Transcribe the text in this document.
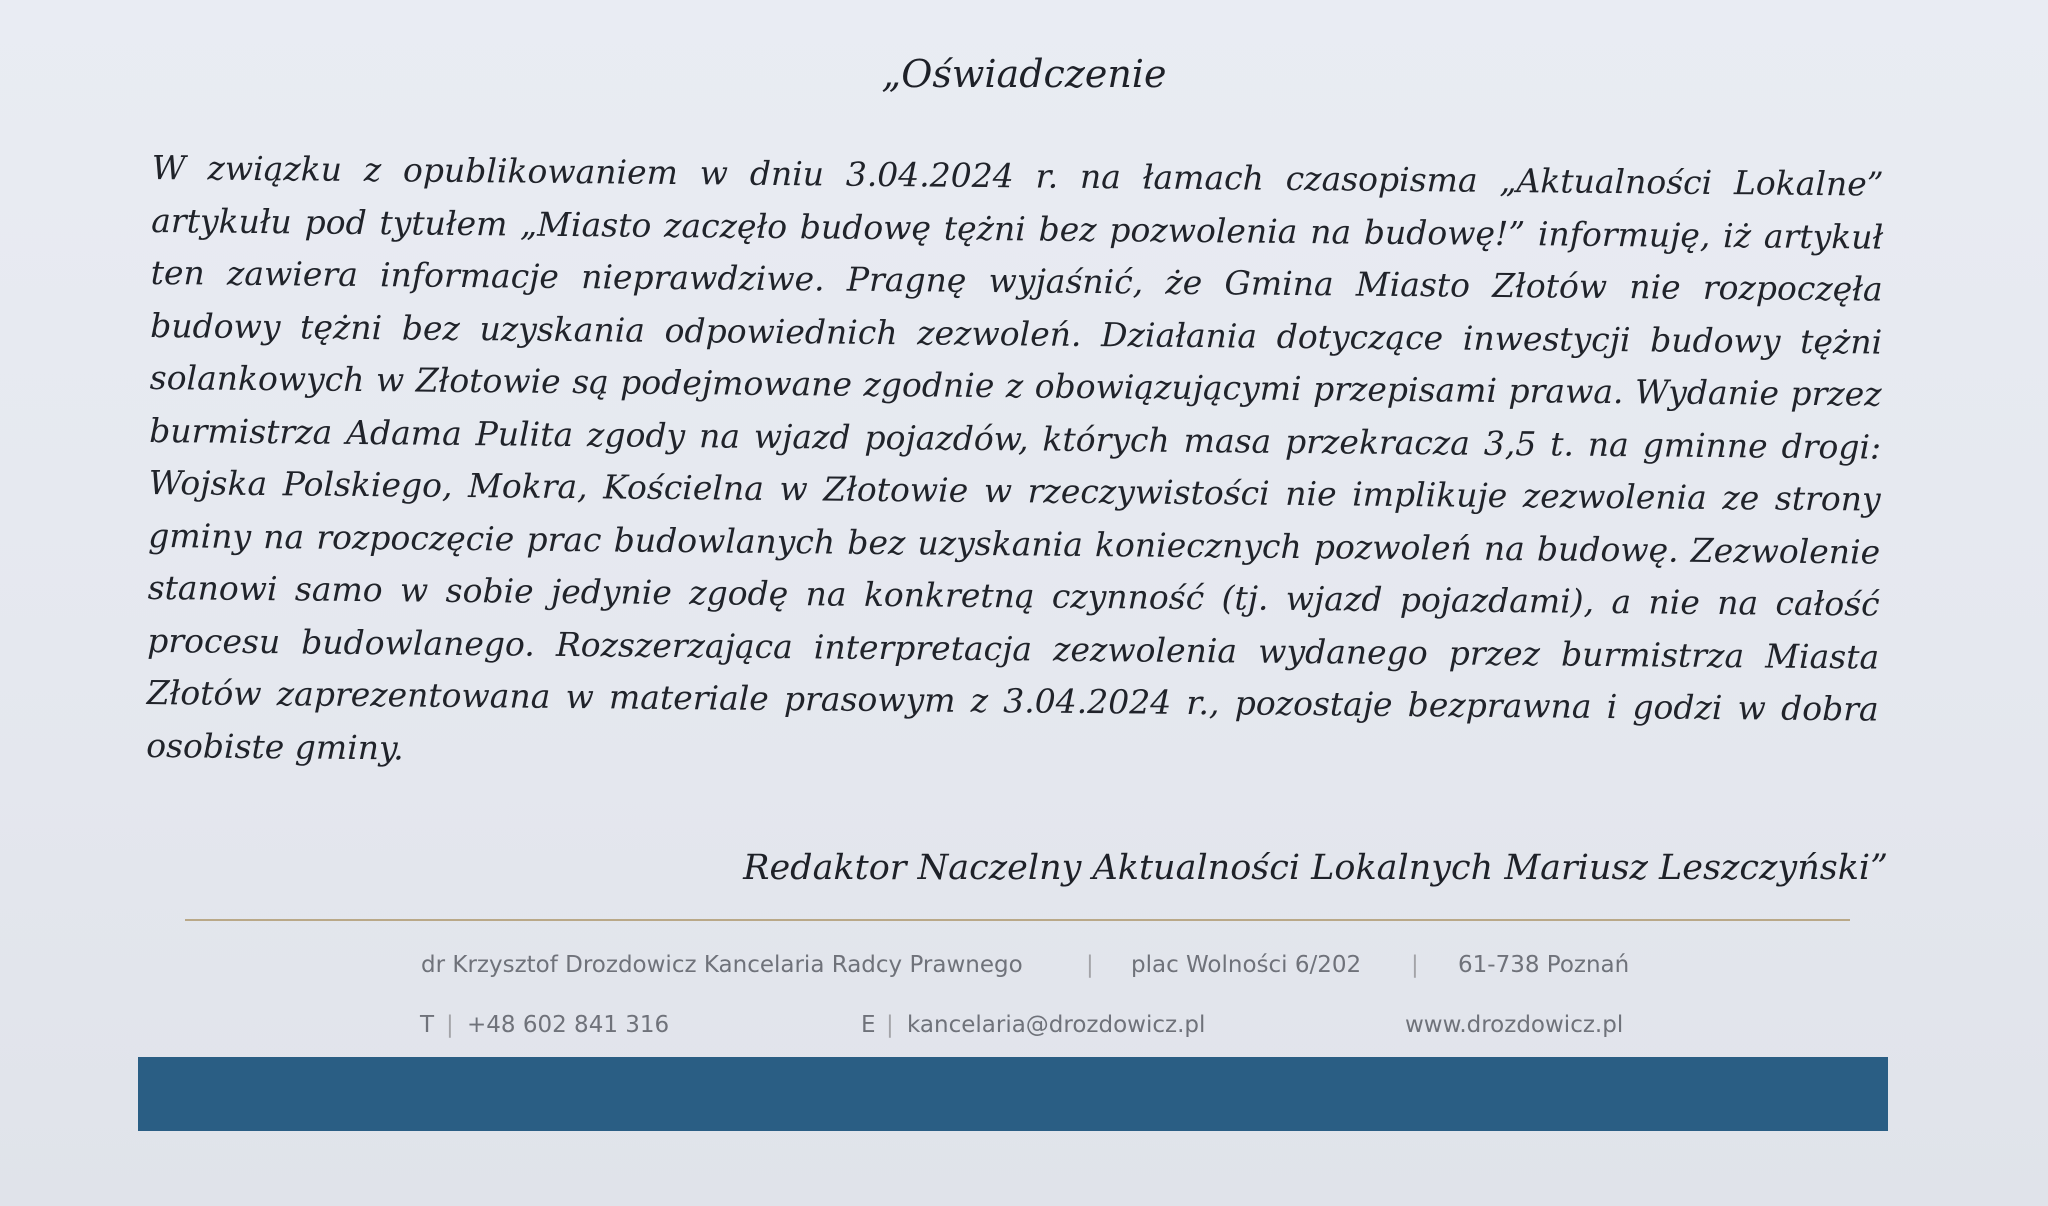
„Oświadczenie
W związku z opublikowaniem w dniu 3.04.2024 r. na łamach czasopisma „Aktualności Lokalne” artykułu pod tytułem „Miasto zaczęło budowę tężni bez pozwolenia na budowę!” informuję, iż artykuł ten zawiera informacje nieprawdziwe. Pragnę wyjaśnić, że Gmina Miasto Złotów nie rozpoczęła budowy tężni bez uzyskania odpowiednich zezwoleń. Działania dotyczące inwestycji budowy tężni solankowych w Złotowie są podejmowane zgodnie z obowiązującymi przepisami prawa. Wydanie przez burmistrza Adama Pulita zgody na wjazd pojazdów, których masa przekracza 3,5 t. na gminne drogi: Wojska Polskiego, Mokra, Kościelna w Złotowie w rzeczywistości nie implikuje zezwolenia ze strony gminy na rozpoczęcie prac budowlanych bez uzyskania koniecznych pozwoleń na budowę. Zezwolenie stanowi samo w sobie jedynie zgodę na konkretną czynność (tj. wjazd pojazdami), a nie na całość procesu budowlanego. Rozszerzająca interpretacja zezwolenia wydanego przez burmistrza Miasta Złotów zaprezentowana w materiale prasowym z 3.04.2024 r., pozostaje bezprawna i godzi w dobra osobiste gminy.
Redaktor Naczelny Aktualności Lokalnych Mariusz Leszczyński”
dr Krzysztof Drozdowicz Kancelaria Radcy Prawnego	| plac Wolności 6/202 | 61-738 Poznań
T | +48 602 841 316	E | kancelaria@drozdowicz.pl	www.drozdowicz.pl
